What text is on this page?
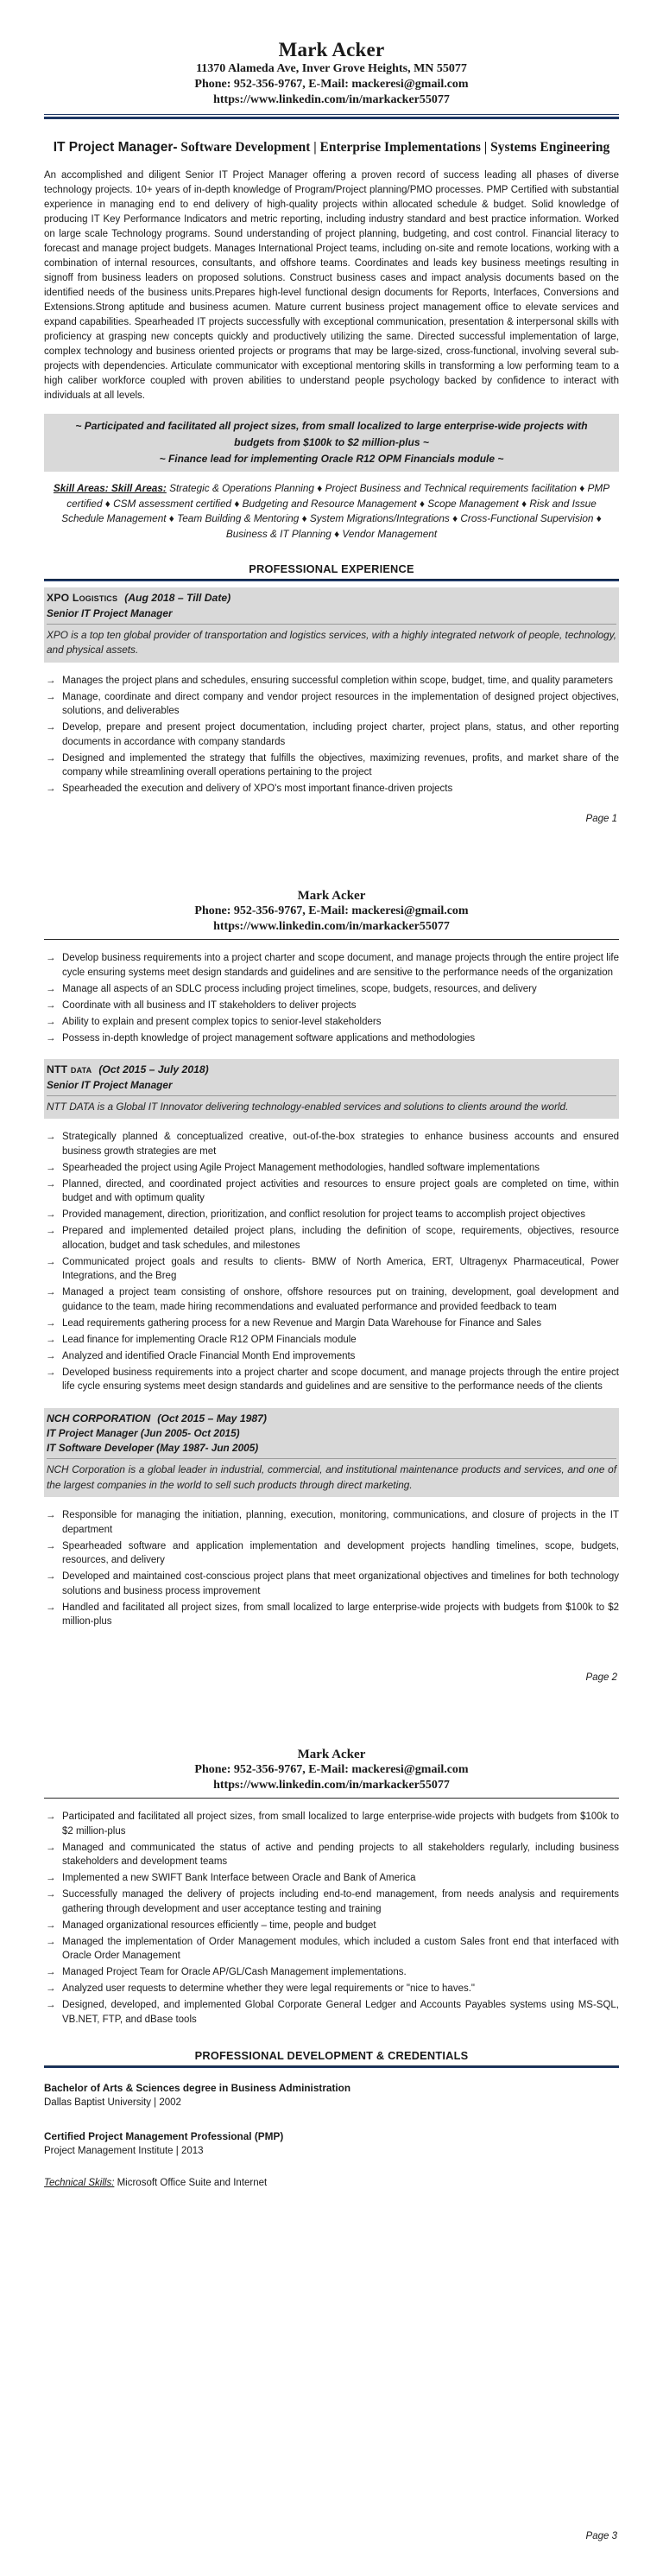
Mark Acker
11370 Alameda Ave, Inver Grove Heights, MN 55077
Phone: 952-356-9767, E-Mail: mackeresi@gmail.com
https://www.linkedin.com/in/markacker55077
IT Project Manager- Software Development | Enterprise Implementations | Systems Engineering
An accomplished and diligent Senior IT Project Manager offering a proven record of success leading all phases of diverse technology projects. 10+ years of in-depth knowledge of Program/Project planning/PMO processes. PMP Certified with substantial experience in managing end to end delivery of high-quality projects within allocated schedule & budget. Solid knowledge of producing IT Key Performance Indicators and metric reporting, including industry standard and best practice information. Worked on large scale Technology programs. Sound understanding of project planning, budgeting, and cost control. Financial literacy to forecast and manage project budgets. Manages International Project teams, including on-site and remote locations, working with a combination of internal resources, consultants, and offshore teams. Coordinates and leads key business meetings resulting in signoff from business leaders on proposed solutions. Construct business cases and impact analysis documents based on the identified needs of the business units.Prepares high-level functional design documents for Reports, Interfaces, Conversions and Extensions.Strong aptitude and business acumen. Mature current business project management office to elevate services and expand capabilities. Spearheaded IT projects successfully with exceptional communication, presentation & interpersonal skills with proficiency at grasping new concepts quickly and productively utilizing the same. Directed successful implementation of large, complex technology and business oriented projects or programs that may be large-sized, cross-functional, involving several sub-projects with dependencies. Articulate communicator with exceptional mentoring skills in transforming a low performing team to a high caliber workforce coupled with proven abilities to understand people psychology backed by confidence to interact with individuals at all levels.
~ Participated and facilitated all project sizes, from small localized to large enterprise-wide projects with budgets from $100k to $2 million-plus ~
~ Finance lead for implementing Oracle R12 OPM Financials module ~
Skill Areas: Skill Areas: Strategic & Operations Planning ♦ Project Business and Technical requirements facilitation ♦ PMP certified ♦ CSM assessment certified ♦ Budgeting and Resource Management ♦ Scope Management ♦ Risk and Issue Schedule Management ♦ Team Building & Mentoring ♦ System Migrations/Integrations ♦ Cross-Functional Supervision ♦ Business & IT Planning ♦ Vendor Management
PROFESSIONAL EXPERIENCE
XPO Logistics (Aug 2018 – Till Date)
Senior IT Project Manager
XPO is a top ten global provider of transportation and logistics services, with a highly integrated network of people, technology, and physical assets.
→ Manages the project plans and schedules, ensuring successful completion within scope, budget, time, and quality parameters
→ Manage, coordinate and direct company and vendor project resources in the implementation of designed project objectives, solutions, and deliverables
→ Develop, prepare and present project documentation, including project charter, project plans, status, and other reporting documents in accordance with company standards
→ Designed and implemented the strategy that fulfills the objectives, maximizing revenues, profits, and market share of the company while streamlining overall operations pertaining to the project
→ Spearheaded the execution and delivery of XPO's most important finance-driven projects
Page 1
Mark Acker
Phone: 952-356-9767, E-Mail: mackeresi@gmail.com
https://www.linkedin.com/in/markacker55077
→ Develop business requirements into a project charter and scope document, and manage projects through the entire project life cycle ensuring systems meet design standards and guidelines and are sensitive to the performance needs of the organization
→ Manage all aspects of an SDLC process including project timelines, scope, budgets, resources, and delivery
→ Coordinate with all business and IT stakeholders to deliver projects
→ Ability to explain and present complex topics to senior-level stakeholders
→ Possess in-depth knowledge of project management software applications and methodologies
NTT data (Oct 2015 – July 2018)
Senior IT Project Manager
NTT DATA is a Global IT Innovator delivering technology-enabled services and solutions to clients around the world.
→ Strategically planned & conceptualized creative, out-of-the-box strategies to enhance business accounts and ensured business growth strategies are met
→ Spearheaded the project using Agile Project Management methodologies, handled software implementations
→ Planned, directed, and coordinated project activities and resources to ensure project goals are completed on time, within budget and with optimum quality
→ Provided management, direction, prioritization, and conflict resolution for project teams to accomplish project objectives
→ Prepared and implemented detailed project plans, including the definition of scope, requirements, objectives, resource allocation, budget and task schedules, and milestones
→ Communicated project goals and results to clients- BMW of North America, ERT, Ultragenyx Pharmaceutical, Power Integrations, and the Breg
→ Managed a project team consisting of onshore, offshore resources put on training, development, goal development and guidance to the team, made hiring recommendations and evaluated performance and provided feedback to team
→ Lead requirements gathering process for a new Revenue and Margin Data Warehouse for Finance and Sales
→ Lead finance for implementing Oracle R12 OPM Financials module
→ Analyzed and identified Oracle Financial Month End improvements
→ Developed business requirements into a project charter and scope document, and manage projects through the entire project life cycle ensuring systems meet design standards and guidelines and are sensitive to the performance needs of the clients
NCH CORPORATION (Oct 2015 – May 1987)
IT Project Manager (Jun 2005- Oct 2015)
IT Software Developer (May 1987- Jun 2005)
NCH Corporation is a global leader in industrial, commercial, and institutional maintenance products and services, and one of the largest companies in the world to sell such products through direct marketing.
→ Responsible for managing the initiation, planning, execution, monitoring, communications, and closure of projects in the IT department
→ Spearheaded software and application implementation and development projects handling timelines, scope, budgets, resources, and delivery
→ Developed and maintained cost-conscious project plans that meet organizational objectives and timelines for both technology solutions and business process improvement
→ Handled and facilitated all project sizes, from small localized to large enterprise-wide projects with budgets from $100k to $2 million-plus
Page 2
Mark Acker
Phone: 952-356-9767, E-Mail: mackeresi@gmail.com
https://www.linkedin.com/in/markacker55077
→ Participated and facilitated all project sizes, from small localized to large enterprise-wide projects with budgets from $100k to $2 million-plus
→ Managed and communicated the status of active and pending projects to all stakeholders regularly, including business stakeholders and development teams
→ Implemented a new SWIFT Bank Interface between Oracle and Bank of America
→ Successfully managed the delivery of projects including end-to-end management, from needs analysis and requirements gathering through development and user acceptance testing and training
→ Managed organizational resources efficiently – time, people and budget
→ Managed the implementation of Order Management modules, which included a custom Sales front end that interfaced with Oracle Order Management
→ Managed Project Team for Oracle AP/GL/Cash Management implementations.
→ Analyzed user requests to determine whether they were legal requirements or "nice to haves."
→ Designed, developed, and implemented Global Corporate General Ledger and Accounts Payables systems using MS-SQL, VB.NET, FTP, and dBase tools
PROFESSIONAL DEVELOPMENT & CREDENTIALS
Bachelor of Arts & Sciences degree in Business Administration
Dallas Baptist University | 2002
Certified Project Management Professional (PMP)
Project Management Institute | 2013
Technical Skills: Microsoft Office Suite and Internet
Page 3
